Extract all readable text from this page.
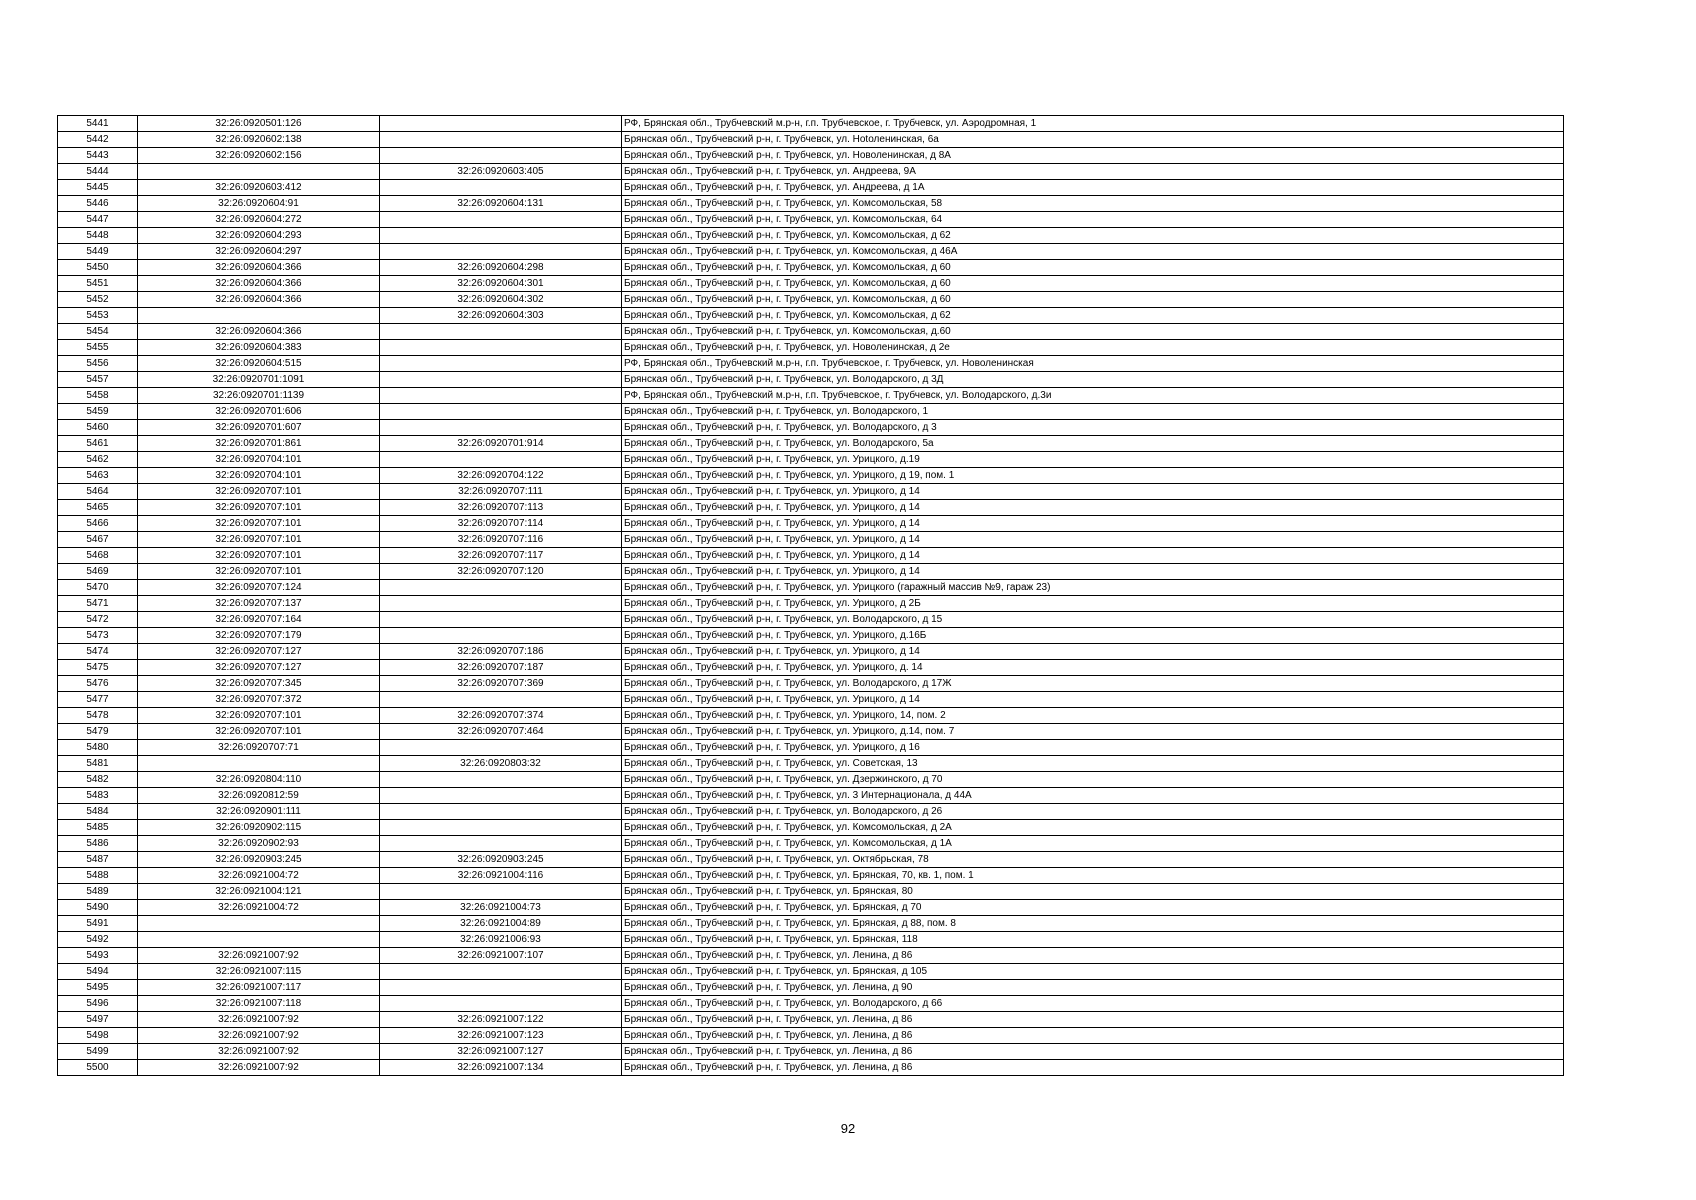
5441	32:26:0920501:126		РФ, Брянская обл., Трубчевский м.р-н, г.п. Трубчевское, г. Трубчевск, ул. Аэродромная, 1
5442	32:26:0920602:138		Брянская обл., Трубчевский р-н, г. Трубчевск, ул. Ноtоленинская, 6а
5443	32:26:0920602:156		Брянская обл., Трубчевский р-н, г. Трубчевск, ул. Новоленинская, д 8А
5444		32:26:0920603:405	Брянская обл., Трубчевский р-н, г. Трубчевск, ул. Андреева, 9А
5445	32:26:0920603:412		Брянская обл., Трубчевский р-н, г. Трубчевск, ул. Андреева, д 1А
5446	32:26:0920604:91	32:26:0920604:131	Брянская обл., Трубчевский р-н, г. Трубчевск, ул. Комсомольская, 58
5447	32:26:0920604:272		Брянская обл., Трубчевский р-н, г. Трубчевск, ул. Комсомольская, 64
5448	32:26:0920604:293		Брянская обл., Трубчевский р-н, г. Трубчевск, ул. Комсомольская, д 62
5449	32:26:0920604:297		Брянская обл., Трубчевский р-н, г. Трубчевск, ул. Комсомольская, д 46А
5450	32:26:0920604:366	32:26:0920604:298	Брянская обл., Трубчевский р-н, г. Трубчевск, ул. Комсомольская, д 60
5451	32:26:0920604:366	32:26:0920604:301	Брянская обл., Трубчевский р-н, г. Трубчевск, ул. Комсомольская, д 60
5452	32:26:0920604:366	32:26:0920604:302	Брянская обл., Трубчевский р-н, г. Трубчевск, ул. Комсомольская, д 60
5453		32:26:0920604:303	Брянская обл., Трубчевский р-н, г. Трубчевск, ул. Комсомольская, д 62
5454	32:26:0920604:366		Брянская обл., Трубчевский р-н, г. Трубчевск, ул. Комсомольская, д.60
5455	32:26:0920604:383		Брянская обл., Трубчевский р-н, г. Трубчевск, ул. Новоленинская, д 2е
5456	32:26:0920604:515		РФ, Брянская обл., Трубчевский м.р-н, г.п. Трубчевское, г. Трубчевск, ул. Новоленинская
5457	32:26:0920701:1091		Брянская обл., Трубчевский р-н, г. Трубчевск, ул. Володарского, д 3Д
5458	32:26:0920701:1139		РФ, Брянская обл., Трубчевский м.р-н, г.п. Трубчевское, г. Трубчевск, ул. Володарского, д.3и
5459	32:26:0920701:606		Брянская обл., Трубчевский р-н, г. Трубчевск, ул. Володарского, 1
5460	32:26:0920701:607		Брянская обл., Трубчевский р-н, г. Трубчевск, ул. Володарского, д 3
5461	32:26:0920701:861	32:26:0920701:914	Брянская обл., Трубчевский р-н, г. Трубчевск, ул. Володарского, 5а
5462	32:26:0920704:101		Брянская обл., Трубчевский р-н, г. Трубчевск, ул. Урицкого, д.19
5463	32:26:0920704:101	32:26:0920704:122	Брянская обл., Трубчевский р-н, г. Трубчевск, ул. Урицкого, д 19, пом. 1
5464	32:26:0920707:101	32:26:0920707:111	Брянская обл., Трубчевский р-н, г. Трубчевск, ул. Урицкого, д 14
5465	32:26:0920707:101	32:26:0920707:113	Брянская обл., Трубчевский р-н, г. Трубчевск, ул. Урицкого, д 14
5466	32:26:0920707:101	32:26:0920707:114	Брянская обл., Трубчевский р-н, г. Трубчевск, ул. Урицкого, д 14
5467	32:26:0920707:101	32:26:0920707:116	Брянская обл., Трубчевский р-н, г. Трубчевск, ул. Урицкого, д 14
5468	32:26:0920707:101	32:26:0920707:117	Брянская обл., Трубчевский р-н, г. Трубчевск, ул. Урицкого, д 14
5469	32:26:0920707:101	32:26:0920707:120	Брянская обл., Трубчевский р-н, г. Трубчевск, ул. Урицкого, д 14
5470	32:26:0920707:124		Брянская обл., Трубчевский р-н, г. Трубчевск, ул. Урицкого (гаражный массив №9, гараж 23)
5471	32:26:0920707:137		Брянская обл., Трубчевский р-н, г. Трубчевск, ул. Урицкого, д 2Б
5472	32:26:0920707:164		Брянская обл., Трубчевский р-н, г. Трубчевск, ул. Володарского, д 15
5473	32:26:0920707:179		Брянская обл., Трубчевский р-н, г. Трубчевск, ул. Урицкого, д.16Б
5474	32:26:0920707:127	32:26:0920707:186	Брянская обл., Трубчевский р-н, г. Трубчевск, ул. Урицкого, д 14
5475	32:26:0920707:127	32:26:0920707:187	Брянская обл., Трубчевский р-н, г. Трубчевск, ул. Урицкого, д. 14
5476	32:26:0920707:345	32:26:0920707:369	Брянская обл., Трубчевский р-н, г. Трубчевск, ул. Володарского, д 17Ж
5477	32:26:0920707:372		Брянская обл., Трубчевский р-н, г. Трубчевск, ул. Урицкого, д 14
5478	32:26:0920707:101	32:26:0920707:374	Брянская обл., Трубчевский р-н, г. Трубчевск, ул. Урицкого, 14, пом. 2
5479	32:26:0920707:101	32:26:0920707:464	Брянская обл., Трубчевский р-н, г. Трубчевск, ул. Урицкого, д.14, пом. 7
5480	32:26:0920707:71		Брянская обл., Трубчевский р-н, г. Трубчевск, ул. Урицкого, д 16
5481		32:26:0920803:32	Брянская обл., Трубчевский р-н, г. Трубчевск, ул. Советская, 13
5482	32:26:0920804:110		Брянская обл., Трубчевский р-н, г. Трубчевск, ул. Дзержинского, д 70
5483	32:26:0920812:59		Брянская обл., Трубчевский р-н, г. Трубчевск, ул. 3 Интернационала, д 44А
5484	32:26:0920901:111		Брянская обл., Трубчевский р-н, г. Трубчевск, ул. Володарского, д 26
5485	32:26:0920902:115		Брянская обл., Трубчевский р-н, г. Трубчевск, ул. Комсомольская, д 2А
5486	32:26:0920902:93		Брянская обл., Трубчевский р-н, г. Трубчевск, ул. Комсомольская, д 1А
5487	32:26:0920903:245	32:26:0920903:245	Брянская обл., Трубчевский р-н, г. Трубчевск, ул. Октябрьская, 78
5488	32:26:0921004:72	32:26:0921004:116	Брянская обл., Трубчевский р-н, г. Трубчевск, ул. Брянская, 70, кв. 1, пом. 1
5489	32:26:0921004:121		Брянская обл., Трубчевский р-н, г. Трубчевск, ул. Брянская, 80
5490	32:26:0921004:72	32:26:0921004:73	Брянская обл., Трубчевский р-н, г. Трубчевск, ул. Брянская, д 70
5491		32:26:0921004:89	Брянская обл., Трубчевский р-н, г. Трубчевск, ул. Брянская, д 88, пом. 8
5492		32:26:0921006:93	Брянская обл., Трубчевский р-н, г. Трубчевск, ул. Брянская, 118
5493	32:26:0921007:92	32:26:0921007:107	Брянская обл., Трубчевский р-н, г. Трубчевск, ул. Ленина, д 86
5494	32:26:0921007:115		Брянская обл., Трубчевский р-н, г. Трубчевск, ул. Брянская, д 105
5495	32:26:0921007:117		Брянская обл., Трубчевский р-н, г. Трубчевск, ул. Ленина, д 90
5496	32:26:0921007:118		Брянская обл., Трубчевский р-н, г. Трубчевск, ул. Володарского, д 66
5497	32:26:0921007:92	32:26:0921007:122	Брянская обл., Трубчевский р-н, г. Трубчевск, ул. Ленина, д 86
5498	32:26:0921007:92	32:26:0921007:123	Брянская обл., Трубчевский р-н, г. Трубчевск, ул. Ленина, д 86
5499	32:26:0921007:92	32:26:0921007:127	Брянская обл., Трубчевский р-н, г. Трубчевск, ул. Ленина, д 86
5500	32:26:0921007:92	32:26:0921007:134	Брянская обл., Трубчевский р-н, г. Трубчевск, ул. Ленина, д 86
92
